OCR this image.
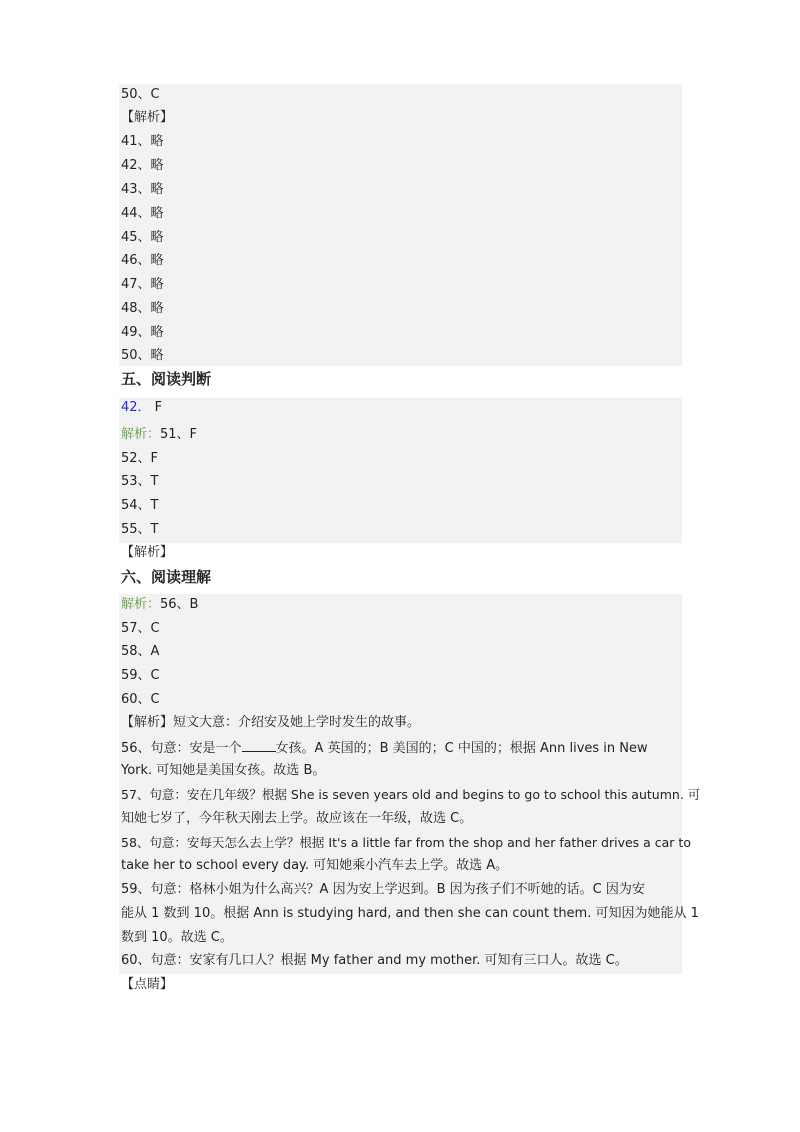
50、C
【解析】
41、略
42、略
43、略
44、略
45、略
46、略
47、略
48、略
49、略
50、略
五、阅读判断
42． F
解析：51、F
52、F
53、T
54、T
55、T
【解析】
六、阅读理解
解析：56、B
57、C
58、A
59、C
60、C
【解析】短文大意：介绍安及她上学时发生的故事。
56、句意：安是一个	女孩。A 英国的；B 美国的；C 中国的；根据 Ann lives in New
York. 可知她是美国女孩。故选 B。
57、句意：安在几年级？根据 She is seven years old and begins to go to school this autumn. 可
知她七岁了，今年秋天刚去上学。故应该在一年级，故选 C。
58、句意：安每天怎么去上学？根据 It's a little far from the shop and her father drives a car to
take her to school every day. 可知她乘小汽车去上学。故选 A。
59、句意：格林小姐为什么高兴？A 因为安上学迟到。B 因为孩子们不听她的话。C 因为安
能从 1 数到 10。根据 Ann is studying hard, and then she can count them. 可知因为她能从 1
数到 10。故选 C。
60、句意：安家有几口人？根据 My father and my mother. 可知有三口人。故选 C。
【点睛】
